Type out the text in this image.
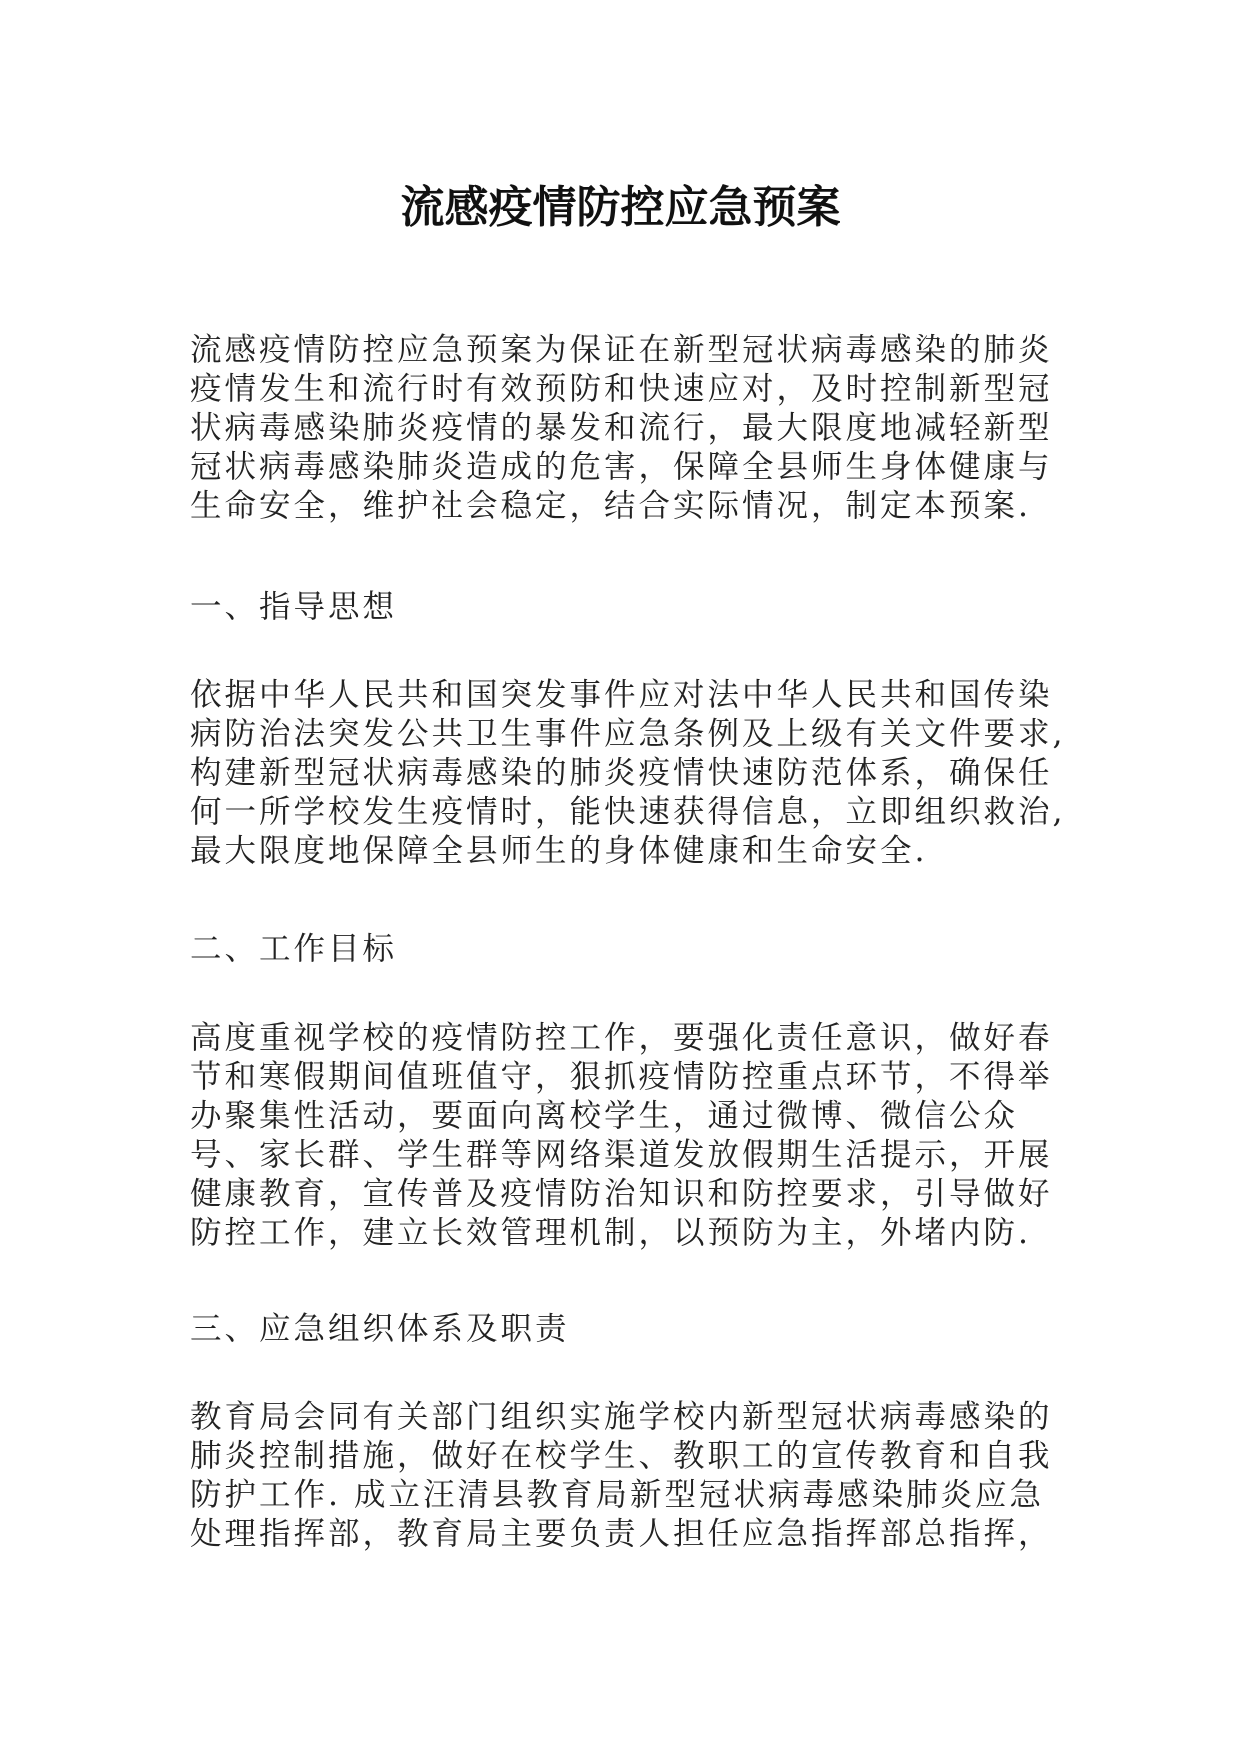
流感疫情防控应急预案
流感疫情防控应急预案为保证在新型冠状病毒感染的肺炎
疫情发生和流行时有效预防和快速应对，及时控制新型冠
状病毒感染肺炎疫情的暴发和流行，最大限度地减轻新型
冠状病毒感染肺炎造成的危害，保障全县师生身体健康与
生命安全，维护社会稳定，结合实际情况，制定本预案.
一、指导思想
依据中华人民共和国突发事件应对法中华人民共和国传染
病防治法突发公共卫生事件应急条例及上级有关文件要求,
构建新型冠状病毒感染的肺炎疫情快速防范体系，确保任
何一所学校发生疫情时，能快速获得信息，立即组织救治,
最大限度地保障全县师生的身体健康和生命安全.
二、工作目标
高度重视学校的疫情防控工作，要强化责任意识，做好春
节和寒假期间值班值守，狠抓疫情防控重点环节，不得举
办聚集性活动，要面向离校学生，通过微博、微信公众
号、家长群、学生群等网络渠道发放假期生活提示，开展
健康教育，宣传普及疫情防治知识和防控要求，引导做好
防控工作，建立长效管理机制，以预防为主，外堵内防.
三、应急组织体系及职责
教育局会同有关部门组织实施学校内新型冠状病毒感染的
肺炎控制措施，做好在校学生、教职工的宣传教育和自我
防护工作. 成立汪清县教育局新型冠状病毒感染肺炎应急
处理指挥部，教育局主要负责人担任应急指挥部总指挥，
